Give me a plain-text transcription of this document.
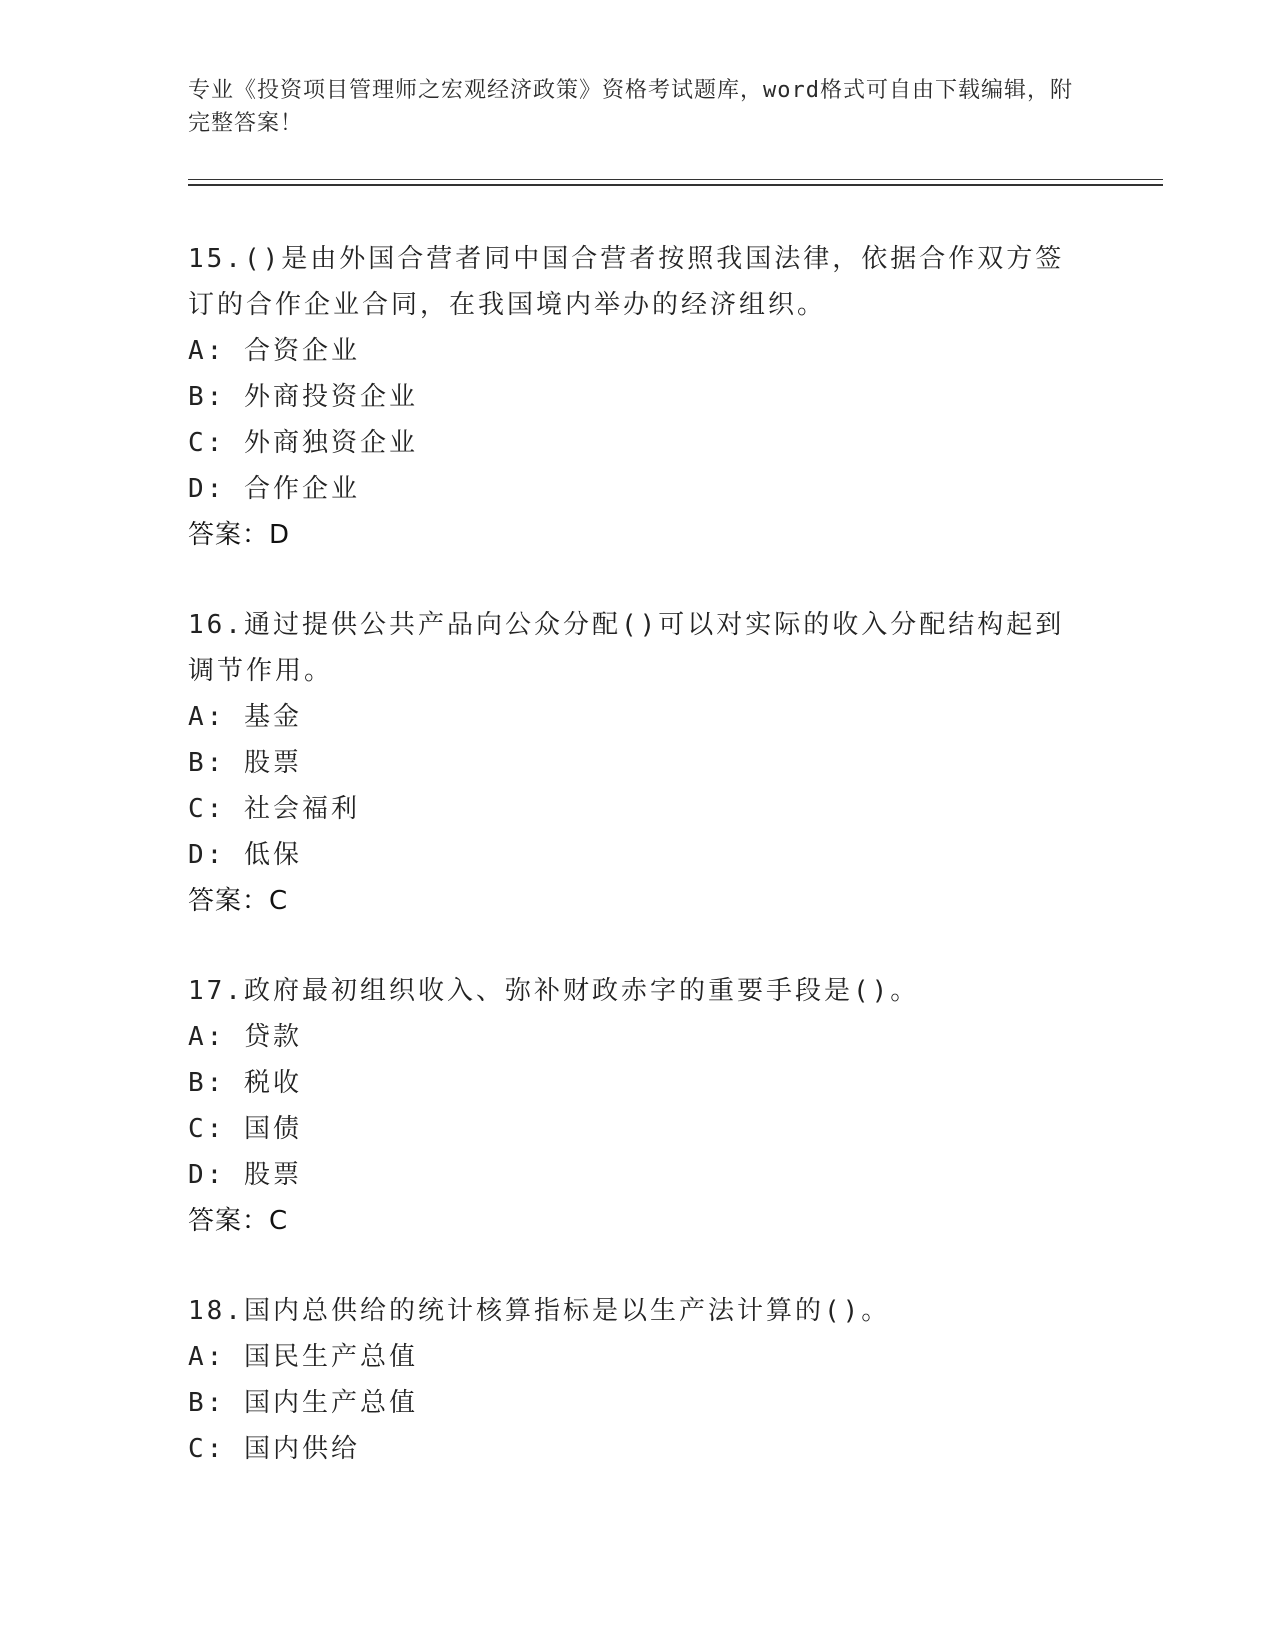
专业《投资项目管理师之宏观经济政策》资格考试题库，word格式可自由下载编辑，附完整答案！
15.()是由外国合营者同中国合营者按照我国法律，依据合作双方签订的合作企业合同，在我国境内举办的经济组织。
A: 合资企业
B: 外商投资企业
C: 外商独资企业
D: 合作企业
答案：D
16.通过提供公共产品向公众分配()可以对实际的收入分配结构起到调节作用。
A: 基金
B: 股票
C: 社会福利
D: 低保
答案：C
17.政府最初组织收入、弥补财政赤字的重要手段是()。
A: 贷款
B: 税收
C: 国债
D: 股票
答案：C
18.国内总供给的统计核算指标是以生产法计算的()。
A: 国民生产总值
B: 国内生产总值
C: 国内供给
